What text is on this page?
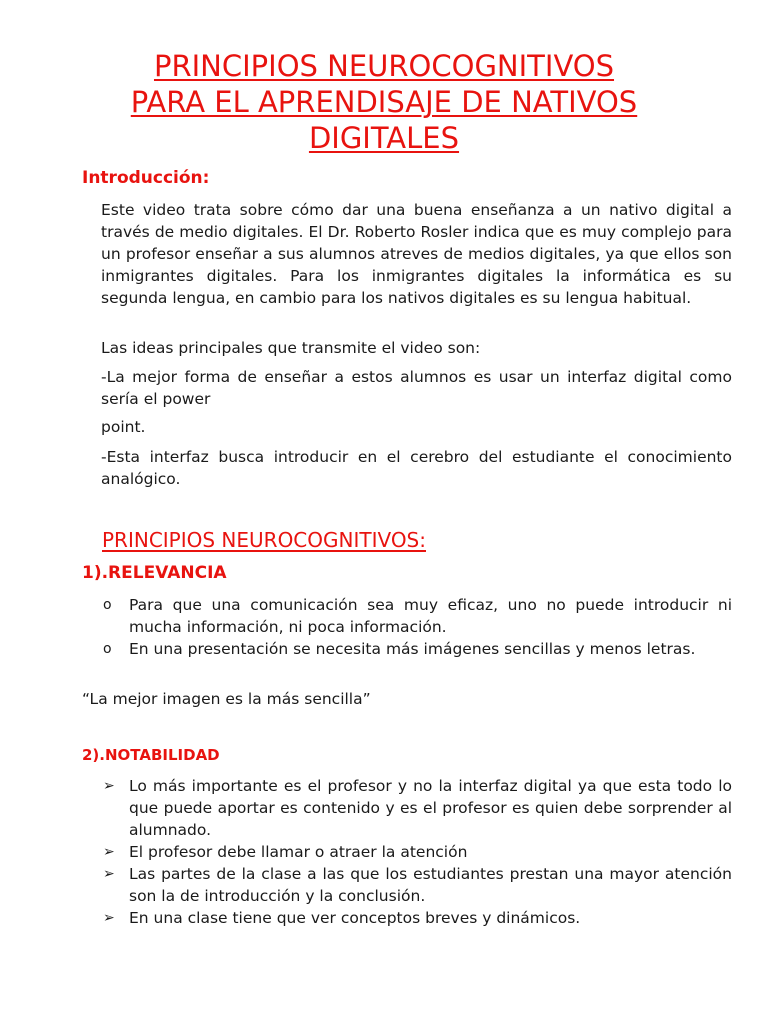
PRINCIPIOS NEUROCOGNITIVOS
PARA EL APRENDISAJE DE NATIVOS
DIGITALES
Introducción:

Este video trata sobre cómo dar una buena enseñanza a un nativo digital a través de medio digitales. El Dr. Roberto Rosler indica que es muy complejo para un profesor enseñar a sus alumnos atreves de medios digitales, ya que ellos son inmigrantes digitales. Para los inmigrantes digitales la informática es su segunda lengua, en cambio para los nativos digitales es su lengua habitual.

Las ideas principales que transmite el video son:

-La mejor forma de enseñar a estos alumnos es usar un interfaz digital como sería el power

point.

-Esta interfaz busca introducir en el cerebro del estudiante el conocimiento analógico.

PRINCIPIOS NEUROCOGNITIVOS:
1).RELEVANCIA
o Para que una comunicación sea muy eficaz, uno no puede introducir ni mucha información, ni poca información.
o En una presentación se necesita más imágenes sencillas y menos letras.

“La mejor imagen es la más sencilla”

2).NOTABILIDAD
➢ Lo más importante es el profesor y no la interfaz digital ya que esta todo lo que puede aportar es contenido y es el profesor es quien debe sorprender al alumnado.
➢ El profesor debe llamar o atraer la atención
➢ Las partes de la clase a las que los estudiantes prestan una mayor atención son la de introducción y la conclusión.
➢ En una clase tiene que ver conceptos breves y dinámicos.
